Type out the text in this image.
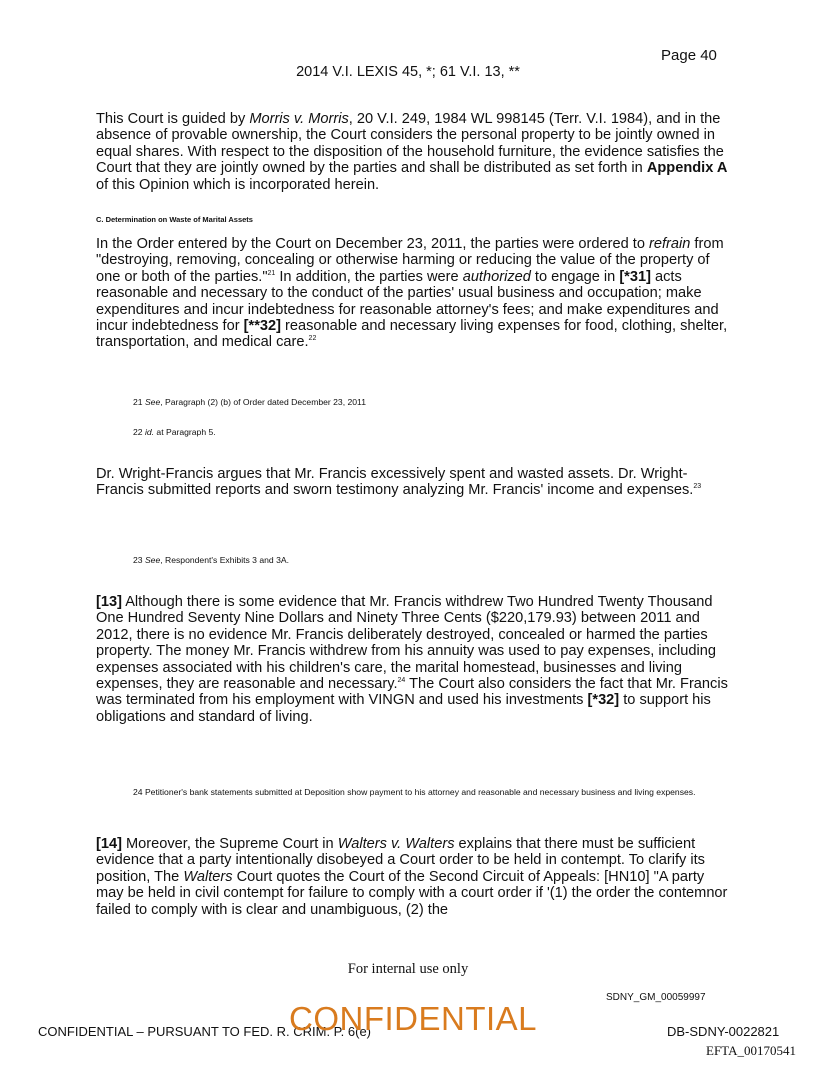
Page 40
2014 V.I. LEXIS 45, *; 61 V.I. 13, **

This Court is guided by Morris v. Morris, 20 V.I. 249, 1984 WL 998145 (Terr. V.I. 1984), and in the absence of provable ownership, the Court considers the personal property to be jointly owned in equal shares. With respect to the disposition of the household furniture, the evidence satisfies the Court that they are jointly owned by the parties and shall be distributed as set forth in Appendix A of this Opinion which is incorporated herein.

C. Determination on Waste of Marital Assets

In the Order entered by the Court on December 23, 2011, the parties were ordered to refrain from "destroying, removing, concealing or otherwise harming or reducing the value of the property of one or both of the parties."$^{21}$ In addition, the parties were authorized to engage in [*31] acts reasonable and necessary to the conduct of the parties' usual business and occupation; make expenditures and incur indebtedness for reasonable attorney's fees; and make expenditures and incur indebtedness for [**32] reasonable and necessary living expenses for food, clothing, shelter, transportation, and medical care.$^{22}$

21 See, Paragraph (2) (b) of Order dated December 23, 2011

22 id. at Paragraph 5.

Dr. Wright-Francis argues that Mr. Francis excessively spent and wasted assets. Dr. Wright-Francis submitted reports and sworn testimony analyzing Mr. Francis' income and expenses.$^{23}$

23 See, Respondent's Exhibits 3 and 3A.

[13] Although there is some evidence that Mr. Francis withdrew Two Hundred Twenty Thousand One Hundred Seventy Nine Dollars and Ninety Three Cents ($220,179.93) between 2011 and 2012, there is no evidence Mr. Francis deliberately destroyed, concealed or harmed the parties property. The money Mr. Francis withdrew from his annuity was used to pay expenses, including expenses associated with his children's care, the marital homestead, businesses and living expenses, they are reasonable and necessary.$^{24}$ The Court also considers the fact that Mr. Francis was terminated from his employment with VINGN and used his investments [*32] to support his obligations and standard of living.

24 Petitioner's bank statements submitted at Deposition show payment to his attorney and reasonable and necessary business and living expenses.

[14] Moreover, the Supreme Court in Walters v. Walters explains that there must be sufficient evidence that a party intentionally disobeyed a Court order to be held in contempt. To clarify its position, The Walters Court quotes the Court of the Second Circuit of Appeals: [HN10] "A party may be held in civil contempt for failure to comply with a court order if '(1) the order the contemnor failed to comply with is clear and unambiguous, (2) the

For internal use only
SDNY_GM_00059997
CONFIDENTIAL – PURSUANT TO FED. R. CRIM. P. 6(e)
CONFIDENTIAL	DB-SDNY-0022821
EFTA_00170541
